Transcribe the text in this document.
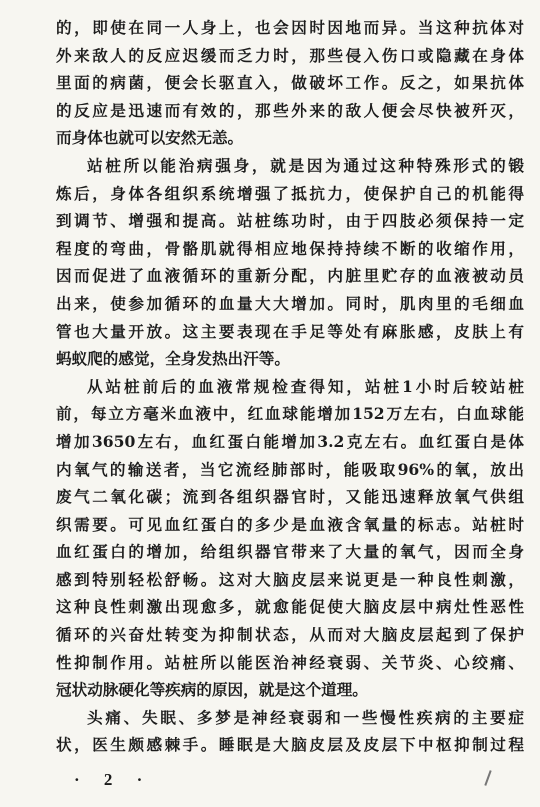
的，即使在同一人身上，也会因时因地而异。当这种抗体对
外来敌人的反应迟缓而乏力时，那些侵入伤口或隐藏在身体
里面的病菌，便会长驱直入，做破坏工作。反之，如果抗体
的反应是迅速而有效的，那些外来的敌人便会尽快被歼灭，
而身体也就可以安然无恙。
站桩所以能治病强身，就是因为通过这种特殊形式的锻
炼后，身体各组织系统增强了抵抗力，使保护自己的机能得
到调节、增强和提高。站桩练功时，由于四肢必须保持一定
程度的弯曲，骨骼肌就得相应地保持持续不断的收缩作用，
因而促进了血液循环的重新分配，内脏里贮存的血液被动员
出来，使参加循环的血量大大增加。同时，肌肉里的毛细血
管也大量开放。这主要表现在手足等处有麻胀感，皮肤上有
蚂蚁爬的感觉，全身发热出汗等。
从站桩前后的血液常规检查得知，站桩1小时后较站桩
前，每立方毫米血液中，红血球能增加152万左右，白血球能
增加3650左右，血红蛋白能增加3.2克左右。血红蛋白是体
内氧气的输送者，当它流经肺部时，能吸取96%的氧，放出
废气二氧化碳；流到各组织器官时，又能迅速释放氧气供组
织需要。可见血红蛋白的多少是血液含氧量的标志。站桩时
血红蛋白的增加，给组织器官带来了大量的氧气，因而全身
感到特别轻松舒畅。这对大脑皮层来说更是一种良性刺激，
这种良性刺激出现愈多，就愈能促使大脑皮层中病灶性恶性
循环的兴奋灶转变为抑制状态，从而对大脑皮层起到了保护
性抑制作用。站桩所以能医治神经衰弱、关节炎、心绞痛、
冠状动脉硬化等疾病的原因，就是这个道理。
头痛、失眠、多梦是神经衰弱和一些慢性疾病的主要症
状，医生颇感棘手。睡眠是大脑皮层及皮层下中枢抑制过程
· 2 ·
